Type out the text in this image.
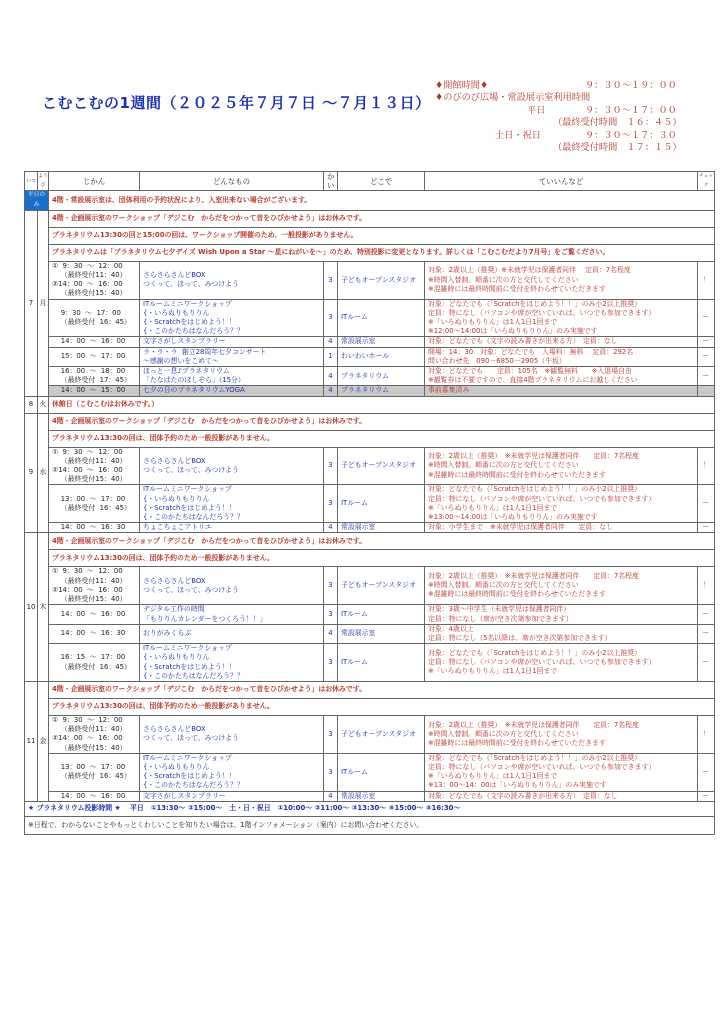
こむこむの1週間（２０２５年７月７日 ～７月１３日）
♦開館時間♦	９：３０～１９：００
♦のびのび広場・常設展示室利用時間
平日	９：３０～１７：００
（最終受付時間　１６：４５）
土日・祝日	９：３０～１７：３０
（最終受付時間　１７：１５）
いつ	ようび	じかん	どんなもの	かい	どこで	ていいんなど	チェック
平日のみ		4階・常設展示室は、団体利用の予約状況により、入室出来ない場合がございます。					
7	月	4階・企画展示室のワークショップ「デジこむ　からだをつかって音をひびかせよう」はお休みです。					
		プラネタリウム13:30の回と15:00の回は、ワークショップ開催のため、一般投影がありません。					
		プラネタリウムは「プラネタリウム七夕デイズ Wish Upon a Star ～星にねがいを～」のため、特別投影に変更となります。詳しくは「こむこむだより7月号」をご覧ください。					
		①  9：30  ～  12：00
（最終受付11：40）
②14：00  ～  16：00
（最終受付15：40）	さらさらさんどBOX
つくって、ほって、みつけよう	3	子どもオープンスタジオ	対象：2歳以上（推奨）※未就学児は保護者同伴　 定員：7名程度
※時間入替制。順番に次の方と交代してください
※混雑時には最終時間前に受付を終わらせていただきます	！
		9：30  ～  17：00
（最終受付  16：45）	ITルームミニワークショップ
{・いろぬりもりりん
{・Scratchをはじめよう！！
{・このかたちはなんだろう？？	3	ITルーム	対象：どなたでも（「Scratchをはじめよう！！」のみ小2以上推奨）
定員：特になし（パソコンや席が空いていれば、いつでも参加できます）
※「いろぬりもりりん」は1人1日1回まで
※12:00～14:00は「いろぬりもりりん」のみ実施です	ー
		14：00  ～  16：00	文字さがしスタンプラリー	4	常設展示室	対象：どなたでも（文字の読み書きが出来る方）　定員：なし	ー
		15：00  ～  17：00	ラ・ラ・ラ  創立28周年七夕コンサート
～感謝の想いをこめて～	1	わいわいホール	開場：14：30　対象：どなたでも　入場料：無料　 定員：292名
問い合わせ先　090－6850－2905（牛坂）	ー
		16：00  ～  18：00
（最終受付  17：45）	ほっと一息♪プラネタリウム
「たなばたのほしぞら」（15分）	4	プラネタリウム	対象：どなたでも　　定員：105名　※観覧無料　　※入退場自由
※観覧券は不要ですので、直接4階プラネタリウムにお越しください	ー
		14：00  ～  15：00	七夕の日のプラネタリウムYOGA	4	プラネタリウム	事前募集済み	
8	火	休館日（こむこむはお休みです。）					
9	水	4階・企画展示室のワークショップ「デジこむ　からだをつかって音をひびかせよう」はお休みです。					
		プラネタリウム13:30の回は、団体予約のため一般投影がありません。					
		①  9：30  ～  12：00
（最終受付11：40）
②14：00  ～  16：00
（最終受付15：40）	さらさらさんどBOX
つくって、ほって、みつけよう	3	子どもオープンスタジオ	対象：2歳以上（推奨）　※未就学児は保護者同伴　　定員：7名程度
※時間入替制。順番に次の方と交代してください
※混雑時には最終時間前に受付を終わらせていただきます	！
		13：00  ～  17：00
（最終受付  16：45）	ITルームミニワークショップ
{・いろぬりもりりん
{・Scratchをはじめよう！！
{・このかたちはなんだろう？？	3	ITルーム	対象：どなたでも（「Scratchをはじめよう！！」のみ小2以上推奨）
定員：特になし（パソコンや席が空いていれば、いつでも参加できます）
※「いろぬりもりりん」は1人1日1回まで
※13:00～14:00は「いろぬりもりりん」のみ実施です	ー
		14：00  ～  16：30	ちょこちょこアトリエ	4	常設展示室	対象：小学生まで　※未就学児は保護者同伴　　定員：なし	ー
10	木	4階・企画展示室のワークショップ「デジこむ　からだをつかって音をひびかせよう」はお休みです。					
		プラネタリウム13:30の回は、団体予約のため一般投影がありません。					
		①  9：30  ～  12：00
（最終受付11：40）
②14：00  ～  16：00
（最終受付15：40）	さらさらさんどBOX
つくって、ほって、みつけよう	3	子どもオープンスタジオ	対象：2歳以上（推奨）　※未就学児は保護者同伴　　定員：7名程度
※時間入替制。順番に次の方と交代してください
※混雑時には最終時間前に受付を終わらせていただきます	！
		14：00  ～  16：00	デジタル工作の時間
「もりりんカレンダーをつくろう！！」	3	ITルーム	対象：3歳～中学生（未就学児は保護者同伴）
定員：特になし（席が空き次第参加できます）	ー
		14：00  ～  16：30	おりがみくらぶ	4	常設展示室	対象：4歳以上
定員：特になし（5名以降は、席が空き次第参加できます）	ー
		16：15  ～  17：00
（最終受付  16：45）	ITルームミニワークショップ
{・いろぬりもりりん
{・Scratchをはじめよう！！
{・このかたちはなんだろう？？	3	ITルーム	対象：どなたでも（「Scratchをはじめよう！！」のみ小2以上推奨）
定員：特になし（パソコンや席が空いていれば、いつでも参加できます）
※「いろぬりもりりん」は1人1日1回まで	ー
11	金	4階・企画展示室のワークショップ「デジこむ　からだをつかって音をひびかせよう」はお休みです。					
		プラネタリウム13:30の回は、団体予約のため一般投影がありません。					
		①  9：30  ～  12：00
（最終受付11：40）
②14：00  ～  16：00
（最終受付15：40）	さらさらさんどBOX
つくって、ほって、みつけよう	3	子どもオープンスタジオ	対象：2歳以上（推奨）　※未就学児は保護者同伴　　定員：7名程度
※時間入替制。順番に次の方と交代してください
※混雑時には最終時間前に受付を終わらせていただきます	！
		13：00  ～  17：00
（最終受付  16：45）	ITルームミニワークショップ
{・いろぬりもりりん
{・Scratchをはじめよう！！
{・このかたちはなんだろう？？	3	ITルーム	対象：どなたでも（「Scratchをはじめよう！！」のみ小2以上推奨）
定員：特になし（パソコンや席が空いていれば、いつでも参加できます）
※「いろぬりもりりん」は1人1日1回まで
※13：00～14：00は「いろぬりもりりん」のみ実施です	ー
		14：00  ～  16：00	文字さがしスタンプラリー	4	常設展示室	対象：どなたでも（文字の読み書きが出来る方）　定員：なし	ー
★ プラネタリウム投影時間 ★　 平日　①13:30～ ②15:00～　土・日・祝日　①10:00～ ②11:00～ ③13:30～ ④15:00～ ⑤16:30～							
※日程で、わからないことやもっとくわしいことを知りたい場合は、1階インフォメーション（案内）にお問い合わせください。							
